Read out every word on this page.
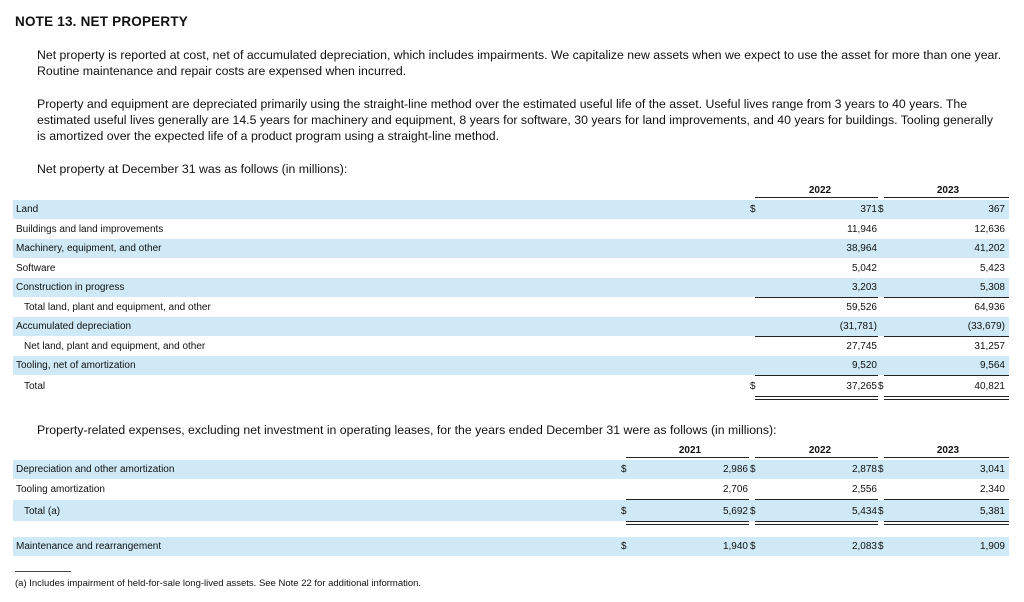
NOTE 13. NET PROPERTY
Net property is reported at cost, net of accumulated depreciation, which includes impairments. We capitalize new assets when we expect to use the asset for more than one year. Routine maintenance and repair costs are expensed when incurred.
Property and equipment are depreciated primarily using the straight-line method over the estimated useful life of the asset. Useful lives range from 3 years to 40 years. The estimated useful lives generally are 14.5 years for machinery and equipment, 8 years for software, 30 years for land improvements, and 40 years for buildings. Tooling generally is amortized over the expected life of a product program using a straight-line method.
Net property at December 31 was as follows (in millions):
2022	2023
Land	$	371 $	367
Buildings and land improvements	11,946	12,636
Machinery, equipment, and other	38,964	41,202
Software	5,042	5,423
Construction in progress	3,203	5,308
Total land, plant and equipment, and other	59,526	64,936
Accumulated depreciation	(31,781)	(33,679)
Net land, plant and equipment, and other	27,745	31,257
Tooling, net of amortization	9,520	9,564
Total	$	37,265 $	40,821
Property-related expenses, excluding net investment in operating leases, for the years ended December 31 were as follows (in millions):
2021	2022	2023
Depreciation and other amortization	$	2,986 $	2,878 $	3,041
Tooling amortization	2,706	2,556	2,340
Total (a)	$	5,692 $	5,434 $	5,381
Maintenance and rearrangement	$	1,940 $	2,083 $	1,909
(a) Includes impairment of held-for-sale long-lived assets. See Note 22 for additional information.
